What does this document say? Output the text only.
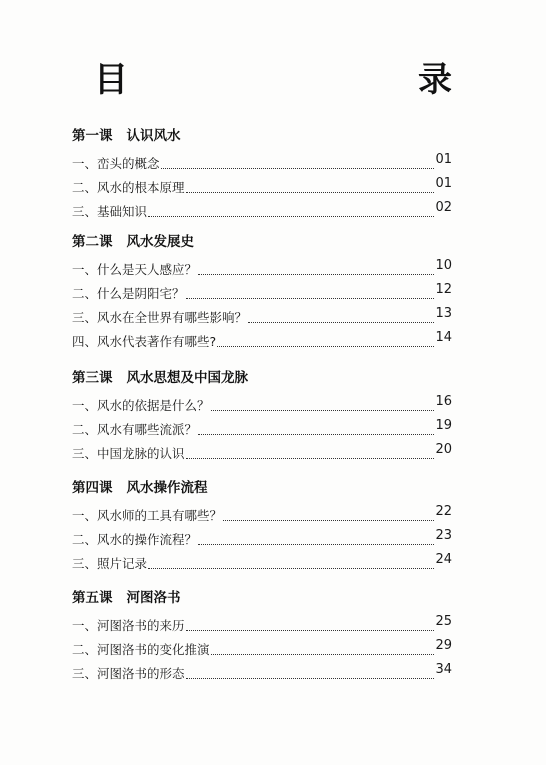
目　　录
第一课 认识风水
一、峦头的概念	01
二、风水的根本原理	01
三、基础知识	02
第二课 风水发展史
一、什么是天人感应？	10
二、什么是阴阳宅？	12
三、风水在全世界有哪些影响？	13
四、风水代表著作有哪些?	14
第三课 风水思想及中国龙脉
一、风水的依据是什么？	16
二、风水有哪些流派？	19
三、中国龙脉的认识	20
第四课 风水操作流程
一、风水师的工具有哪些？	22
二、风水的操作流程？	23
三、照片记录	24
第五课 河图洛书
一、河图洛书的来历	25
二、河图洛书的变化推演	29
三、河图洛书的形态	34
